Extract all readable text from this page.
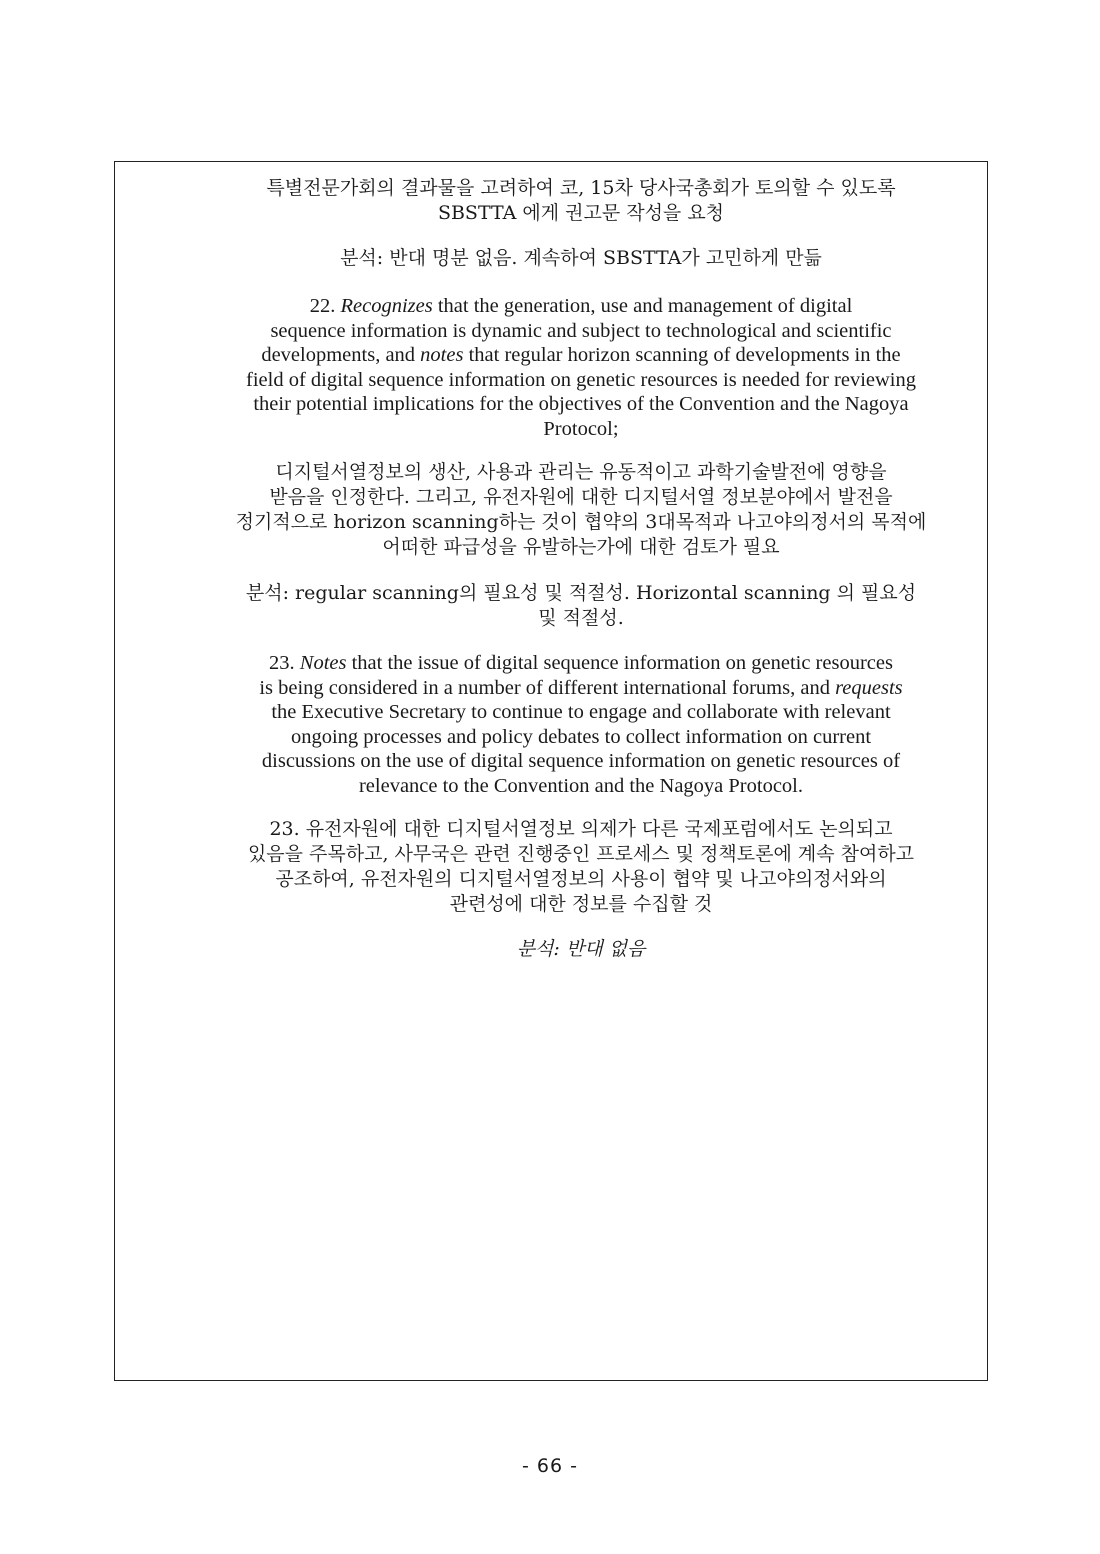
특별전문가회의 결과물을 고려하여 코, 15차 당사국총회가 토의할 수 있도록
SBSTTA 에게 권고문 작성을 요청

분석: 반대 명분 없음. 계속하여 SBSTTA가 고민하게 만듦

22. Recognizes that the generation, use and management of digital
sequence information is dynamic and subject to technological and scientific
developments, and notes that regular horizon scanning of developments in the
field of digital sequence information on genetic resources is needed for reviewing
their potential implications for the objectives of the Convention and the Nagoya
Protocol;

디지털서열정보의 생산, 사용과 관리는 유동적이고 과학기술발전에 영향을
받음을 인정한다. 그리고, 유전자원에 대한 디지털서열 정보분야에서 발전을
정기적으로 horizon scanning하는 것이 협약의 3대목적과 나고야의정서의 목적에
어떠한 파급성을 유발하는가에 대한 검토가 필요

분석: regular scanning의 필요성 및 적절성. Horizontal scanning 의 필요성
및 적절성.

23. Notes that the issue of digital sequence information on genetic resources
is being considered in a number of different international forums, and requests
the Executive Secretary to continue to engage and collaborate with relevant
ongoing processes and policy debates to collect information on current
discussions on the use of digital sequence information on genetic resources of
relevance to the Convention and the Nagoya Protocol.

23. 유전자원에 대한 디지털서열정보 의제가 다른 국제포럼에서도 논의되고
있음을 주목하고, 사무국은 관련 진행중인 프로세스 및 정책토론에 계속 참여하고
공조하여, 유전자원의 디지털서열정보의 사용이 협약 및 나고야의정서와의
관련성에 대한 정보를 수집할 것

분석: 반대 없음

- 66 -
